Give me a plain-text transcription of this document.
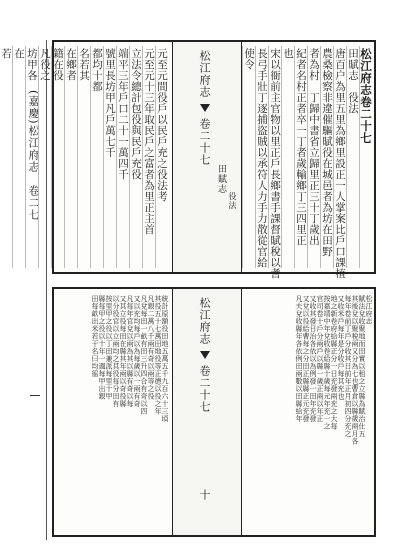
(嘉慶)松江府志　卷二七	松江府志卷二十七
田賦志　役法
唐百户為里五里為鄉里設正一人掌案比戶口課植
農桑檢察非違催驅賦役在城邑者為坊在田野
者為村　丁歸中書省立歸里正三十丁歲出
紀者名村正者卒一丁者歲輸鄉丁三四里正
也
宋以衙前主官物以里正戶長鄉書手課督賦稅以耆
長弓手壯丁逐捕盜賊以承符人力手力散從官給
使令
松江府志
卷二十七
田賦志
役法
元至元間役戶以民戶充之役法考
元至元十三年取民戶之富者為里正主首
立法令總計包役與民戶充役
端平三年戶口二十一萬四千
號里長坊甲凡戶萬七千
都均十都
名若其
在鄉者
籍在役
凡役之
坊甲各
在
若
松江府志
賦法兌收聚地而田實以租之立縣為賦治仕五
其後兌以聚稅兩又分為七也曹倉以縣歲兩月各
每年卷前丁戶分收其日前年正月初四分充之
又收米戶每年是分收戶每其充也
地之新卷府給縣正分一日充發兩充之大每
按嘉靖中年兌收卷給縣十歲每元年充一之
官司卷十戶分兩戶以縣一歲正兩以年正
又收其發日治各依以為例發一田年充發
又兌以役給曹每之分田正縣縣正元充發
凡夫兌收縣年各依例田兩數以田縣給年
松江府志
卷二十七
十
統計原額役田地五萬五千九百六十三頃
其役五十七萬田地役等正德以役之年
凡銀二萬八千兩有奇以兩等之役
凡兌每田一畝有田三升四合有奇以四
又以充均每戶以為每歲以一兩有奇
凡每年官兌以兩為其以縣有奇以每
又其立役每田在縣其年兩以奇役縣
以分役官以立兩均之其役每分田有
按里甲之役以丁田兼派每里十甲
縣每甲之役以十年一週每甲出銀
田每畝出米若干名曰均徭
